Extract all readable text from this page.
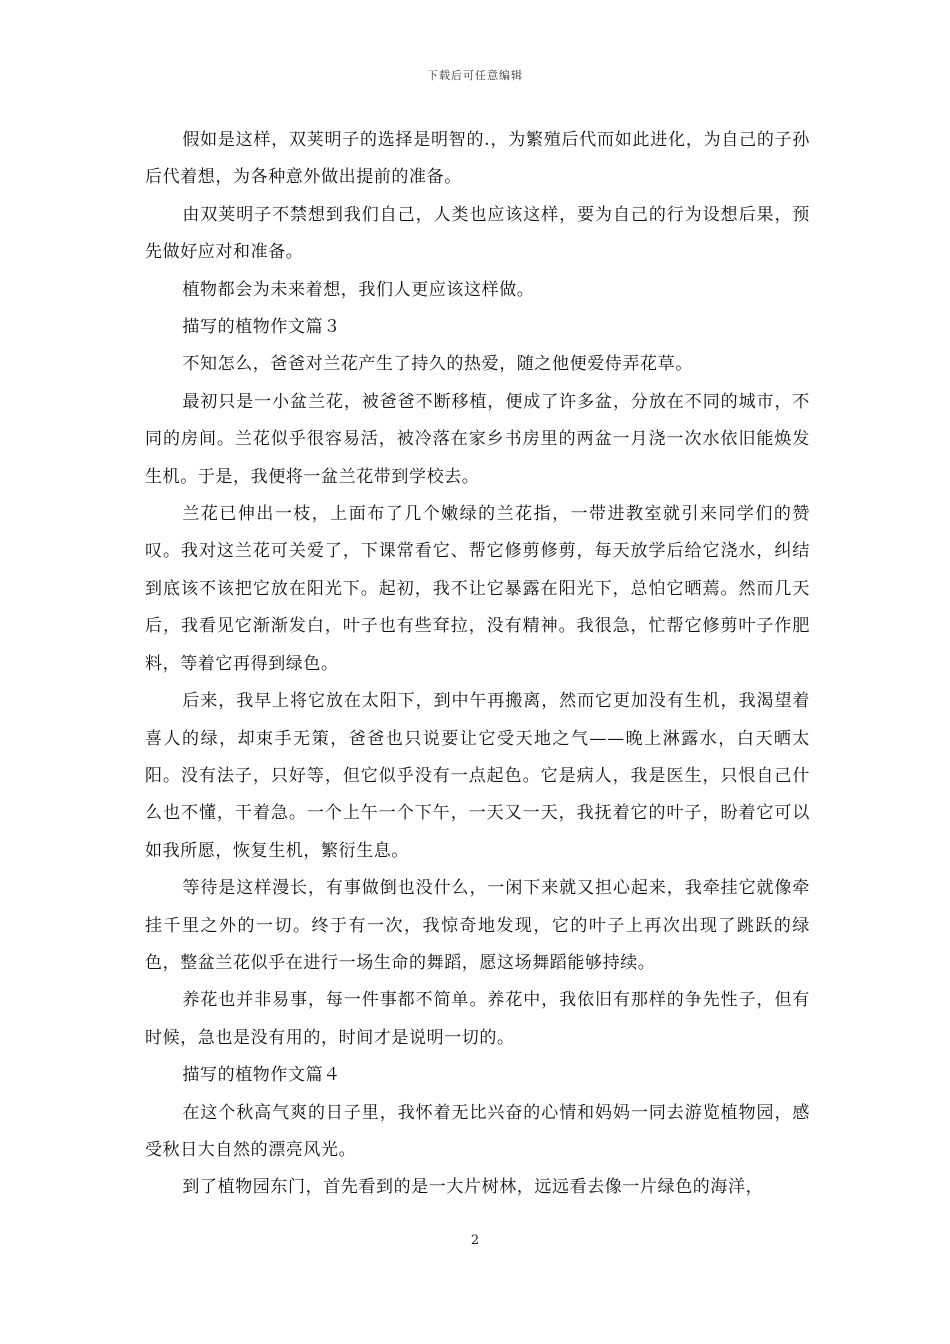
下载后可任意编辑

假如是这样，双荚明子的选择是明智的.，为繁殖后代而如此进化，为自己的子孙后代着想，为各种意外做出提前的准备。

由双荚明子不禁想到我们自己，人类也应该这样，要为自己的行为设想后果，预先做好应对和准备。

植物都会为未来着想，我们人更应该这样做。

描写的植物作文篇３

不知怎么，爸爸对兰花产生了持久的热爱，随之他便爱侍弄花草。

最初只是一小盆兰花，被爸爸不断移植，便成了许多盆，分放在不同的城市，不同的房间。兰花似乎很容易活，被冷落在家乡书房里的两盆一月浇一次水依旧能焕发生机。于是，我便将一盆兰花带到学校去。

兰花已伸出一枝，上面布了几个嫩绿的兰花指，一带进教室就引来同学们的赞叹。我对这兰花可关爱了，下课常看它、帮它修剪修剪，每天放学后给它浇水，纠结到底该不该把它放在阳光下。起初，我不让它暴露在阳光下，总怕它晒蔫。然而几天后，我看见它渐渐发白，叶子也有些耷拉，没有精神。我很急，忙帮它修剪叶子作肥料，等着它再得到绿色。

后来，我早上将它放在太阳下，到中午再搬离，然而它更加没有生机，我渴望着喜人的绿，却束手无策，爸爸也只说要让它受天地之气——晚上淋露水，白天晒太阳。没有法子，只好等，但它似乎没有一点起色。它是病人，我是医生，只恨自己什么也不懂，干着急。一个上午一个下午，一天又一天，我抚着它的叶子，盼着它可以如我所愿，恢复生机，繁衍生息。

等待是这样漫长，有事做倒也没什么，一闲下来就又担心起来，我牵挂它就像牵挂千里之外的一切。终于有一次，我惊奇地发现，它的叶子上再次出现了跳跃的绿色，整盆兰花似乎在进行一场生命的舞蹈，愿这场舞蹈能够持续。

养花也并非易事，每一件事都不简单。养花中，我依旧有那样的争先性子，但有时候，急也是没有用的，时间才是说明一切的。

描写的植物作文篇４

在这个秋高气爽的日子里，我怀着无比兴奋的心情和妈妈一同去游览植物园，感受秋日大自然的漂亮风光。

到了植物园东门，首先看到的是一大片树林，远远看去像一片绿色的海洋，

2
